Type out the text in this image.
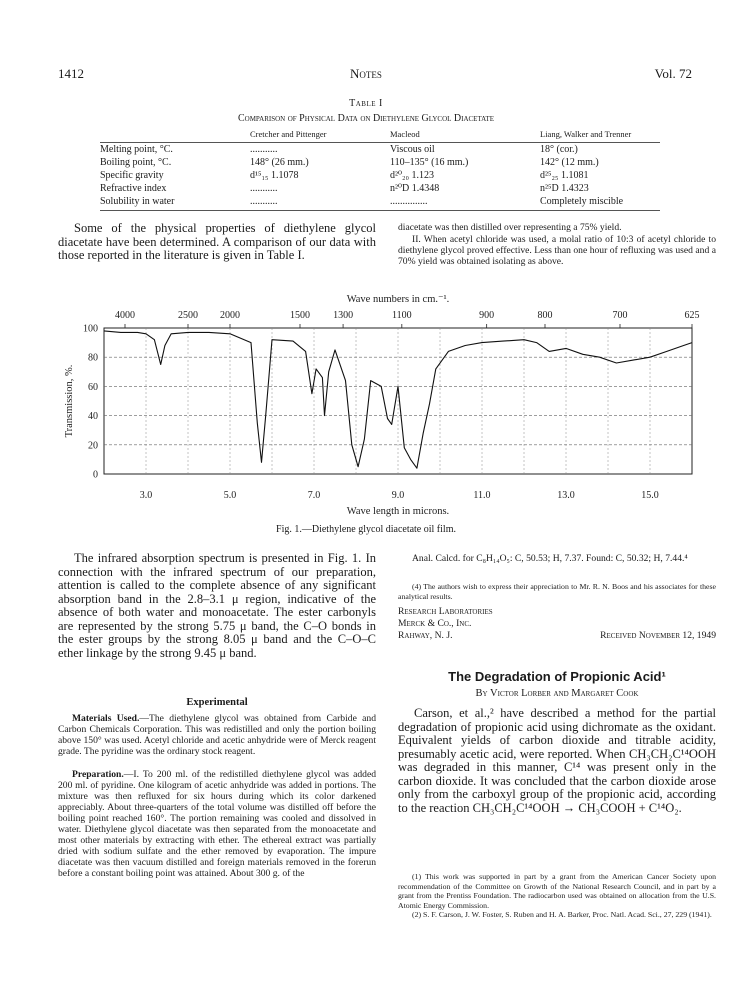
1412	Notes	Vol. 72
Table I
Comparison of Physical Data on Diethylene Glycol Diacetate
	Cretcher and Pittenger	Macleod	Liang, Walker and Trenner
Melting point, °C.	...........	Viscous oil	18° (cor.)
Boiling point, °C.	148° (26 mm.)	110–135° (16 mm.)	142° (12 mm.)
Specific gravity	d¹⁵₁₅ 1.1078	d²⁰₂₀ 1.123	d²⁵₂₅ 1.1081
Refractive index	...........	n²⁰D 1.4348	n²⁵D 1.4323
Solubility in water	...........	...............	Completely miscible
Some of the physical properties of diethylene glycol diacetate have been determined. A comparison of our data with those reported in the literature is given in Table I.
diacetate was then distilled over representing a 75% yield.
II. When acetyl chloride was used, a molal ratio of 10:3 of acetyl chloride to diethylene glycol proved effective. Less than one hour of refluxing was used and a 70% yield was obtained isolating as above.
0
20
40
60
80
100
3.0	5.0	7.0	9.0	11.0	13.0	15.0
4000	2500 2000	1500 1300	1100	900	800	700	625
Wave numbers in cm.⁻¹.
Wave length in microns.
Transmission, %.
Fig. 1.—Diethylene glycol diacetate oil film.
The infrared absorption spectrum is presented in Fig. 1. In connection with the infrared spectrum of our preparation, attention is called to the complete absence of any significant absorption band in the 2.8–3.1 μ region, indicative of the absence of both water and monoacetate. The ester carbonyls are represented by the strong 5.75 μ band, the C–O bonds in the ester groups by the strong 8.05 μ band and the C–O–C ether linkage by the strong 9.45 μ band.
Experimental
Materials Used.—The diethylene glycol was obtained from Carbide and Carbon Chemicals Corporation. This was redistilled and only the portion boiling above 150° was used. Acetyl chloride and acetic anhydride were of Merck reagent grade. The pyridine was the ordinary stock reagent.
Preparation.—I. To 200 ml. of the redistilled diethylene glycol was added 200 ml. of pyridine. One kilogram of acetic anhydride was added in portions. The mixture was then refluxed for six hours during which its color darkened appreciably. About three-quarters of the total volume was distilled off before the boiling point reached 160°. The portion remaining was cooled and dissolved in water. Diethylene glycol diacetate was then separated from the monoacetate and most other materials by extracting with ether. The ethereal extract was partially dried with sodium sulfate and the ether removed by evaporation. The impure diacetate was then vacuum distilled and foreign materials removed in the forerun before a constant boiling point was attained. About 300 g. of the
Anal. Calcd. for C₈H₁₄O₅: C, 50.53; H, 7.37. Found: C, 50.32; H, 7.44.⁴
(4) The authors wish to express their appreciation to Mr. R. N. Boos and his associates for these analytical results.
Research Laboratories
Merck & Co., Inc.
Rahway, N. J.	Received November 12, 1949
The Degradation of Propionic Acid¹
By Victor Lorber and Margaret Cook
Carson, et al.,² have described a method for the partial degradation of propionic acid using dichromate as the oxidant. Equivalent yields of carbon dioxide and titrable acidity, presumably acetic acid, were reported. When CH₃CH₂C¹⁴OOH was degraded in this manner, C¹⁴ was present only in the carbon dioxide. It was concluded that the carbon dioxide arose only from the carboxyl group of the propionic acid, according to the reaction CH₃CH₂C¹⁴OOH → CH₃COOH + C¹⁴O₂.
(1) This work was supported in part by a grant from the American Cancer Society upon recommendation of the Committee on Growth of the National Research Council, and in part by a grant from the Prentiss Foundation. The radiocarbon used was obtained on allocation from the U.S. Atomic Energy Commission.
(2) S. F. Carson, J. W. Foster, S. Ruben and H. A. Barker, Proc. Natl. Acad. Sci., 27, 229 (1941).
